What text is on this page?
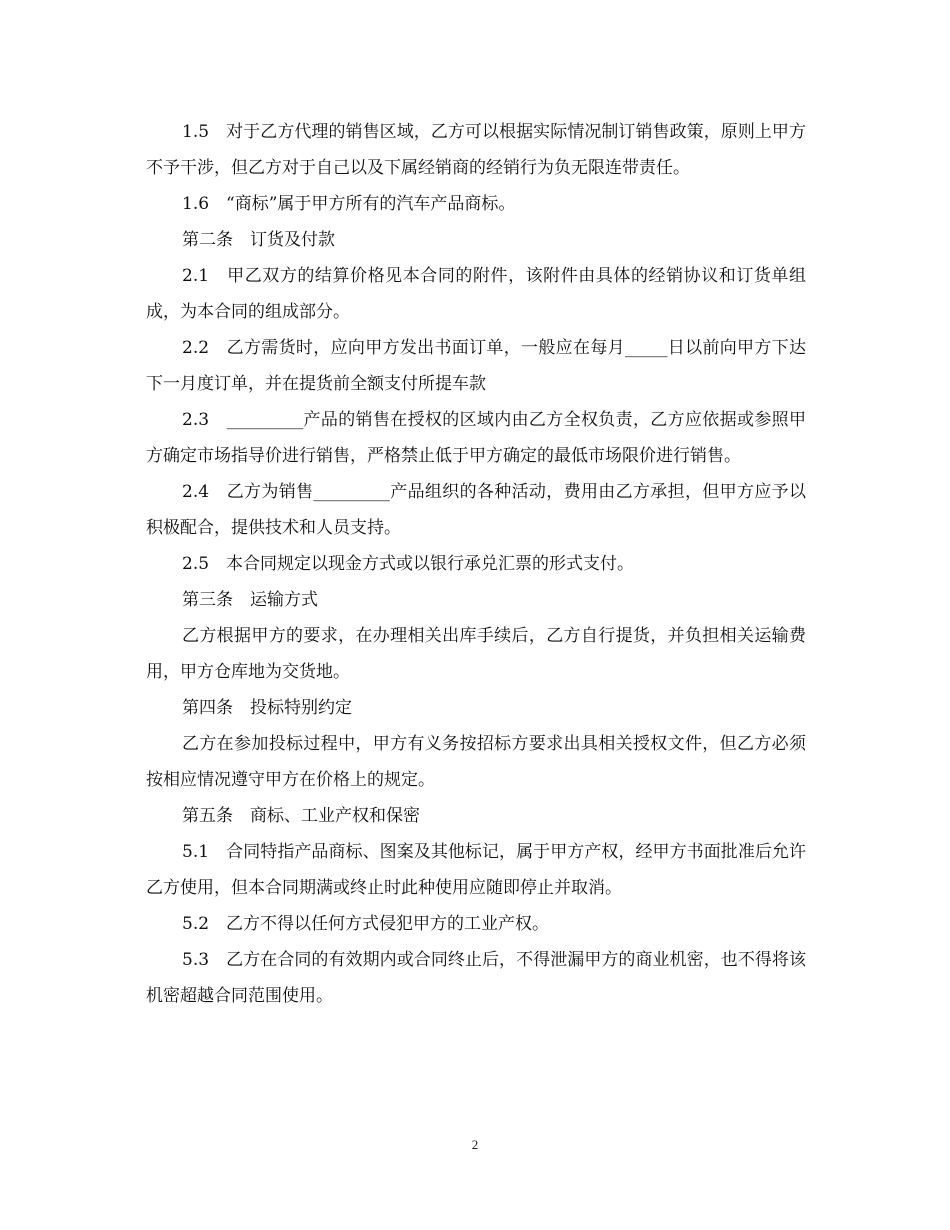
1.5　对于乙方代理的销售区域，乙方可以根据实际情况制订销售政策，原则上甲方不予干涉，但乙方对于自己以及下属经销商的经销行为负无限连带责任。

1.6　“商标”属于甲方所有的汽车产品商标。

第二条　订货及付款

2.1　甲乙双方的结算价格见本合同的附件，该附件由具体的经销协议和订货单组成，为本合同的组成部分。

2.2　乙方需货时，应向甲方发出书面订单，一般应在每月_____日以前向甲方下达下一月度订单，并在提货前全额支付所提车款

2.3　_________产品的销售在授权的区域内由乙方全权负责，乙方应依据或参照甲方确定市场指导价进行销售，严格禁止低于甲方确定的最低市场限价进行销售。

2.4　乙方为销售_________产品组织的各种活动，费用由乙方承担，但甲方应予以积极配合，提供技术和人员支持。

2.5　本合同规定以现金方式或以银行承兑汇票的形式支付。

第三条　运输方式

乙方根据甲方的要求，在办理相关出库手续后，乙方自行提货，并负担相关运输费用，甲方仓库地为交货地。

第四条　投标特别约定

乙方在参加投标过程中，甲方有义务按招标方要求出具相关授权文件，但乙方必须按相应情况遵守甲方在价格上的规定。

第五条　商标、工业产权和保密

5.1　合同特指产品商标、图案及其他标记，属于甲方产权，经甲方书面批准后允许乙方使用，但本合同期满或终止时此种使用应随即停止并取消。

5.2　乙方不得以任何方式侵犯甲方的工业产权。

5.3　乙方在合同的有效期内或合同终止后，不得泄漏甲方的商业机密，也不得将该机密超越合同范围使用。

2
